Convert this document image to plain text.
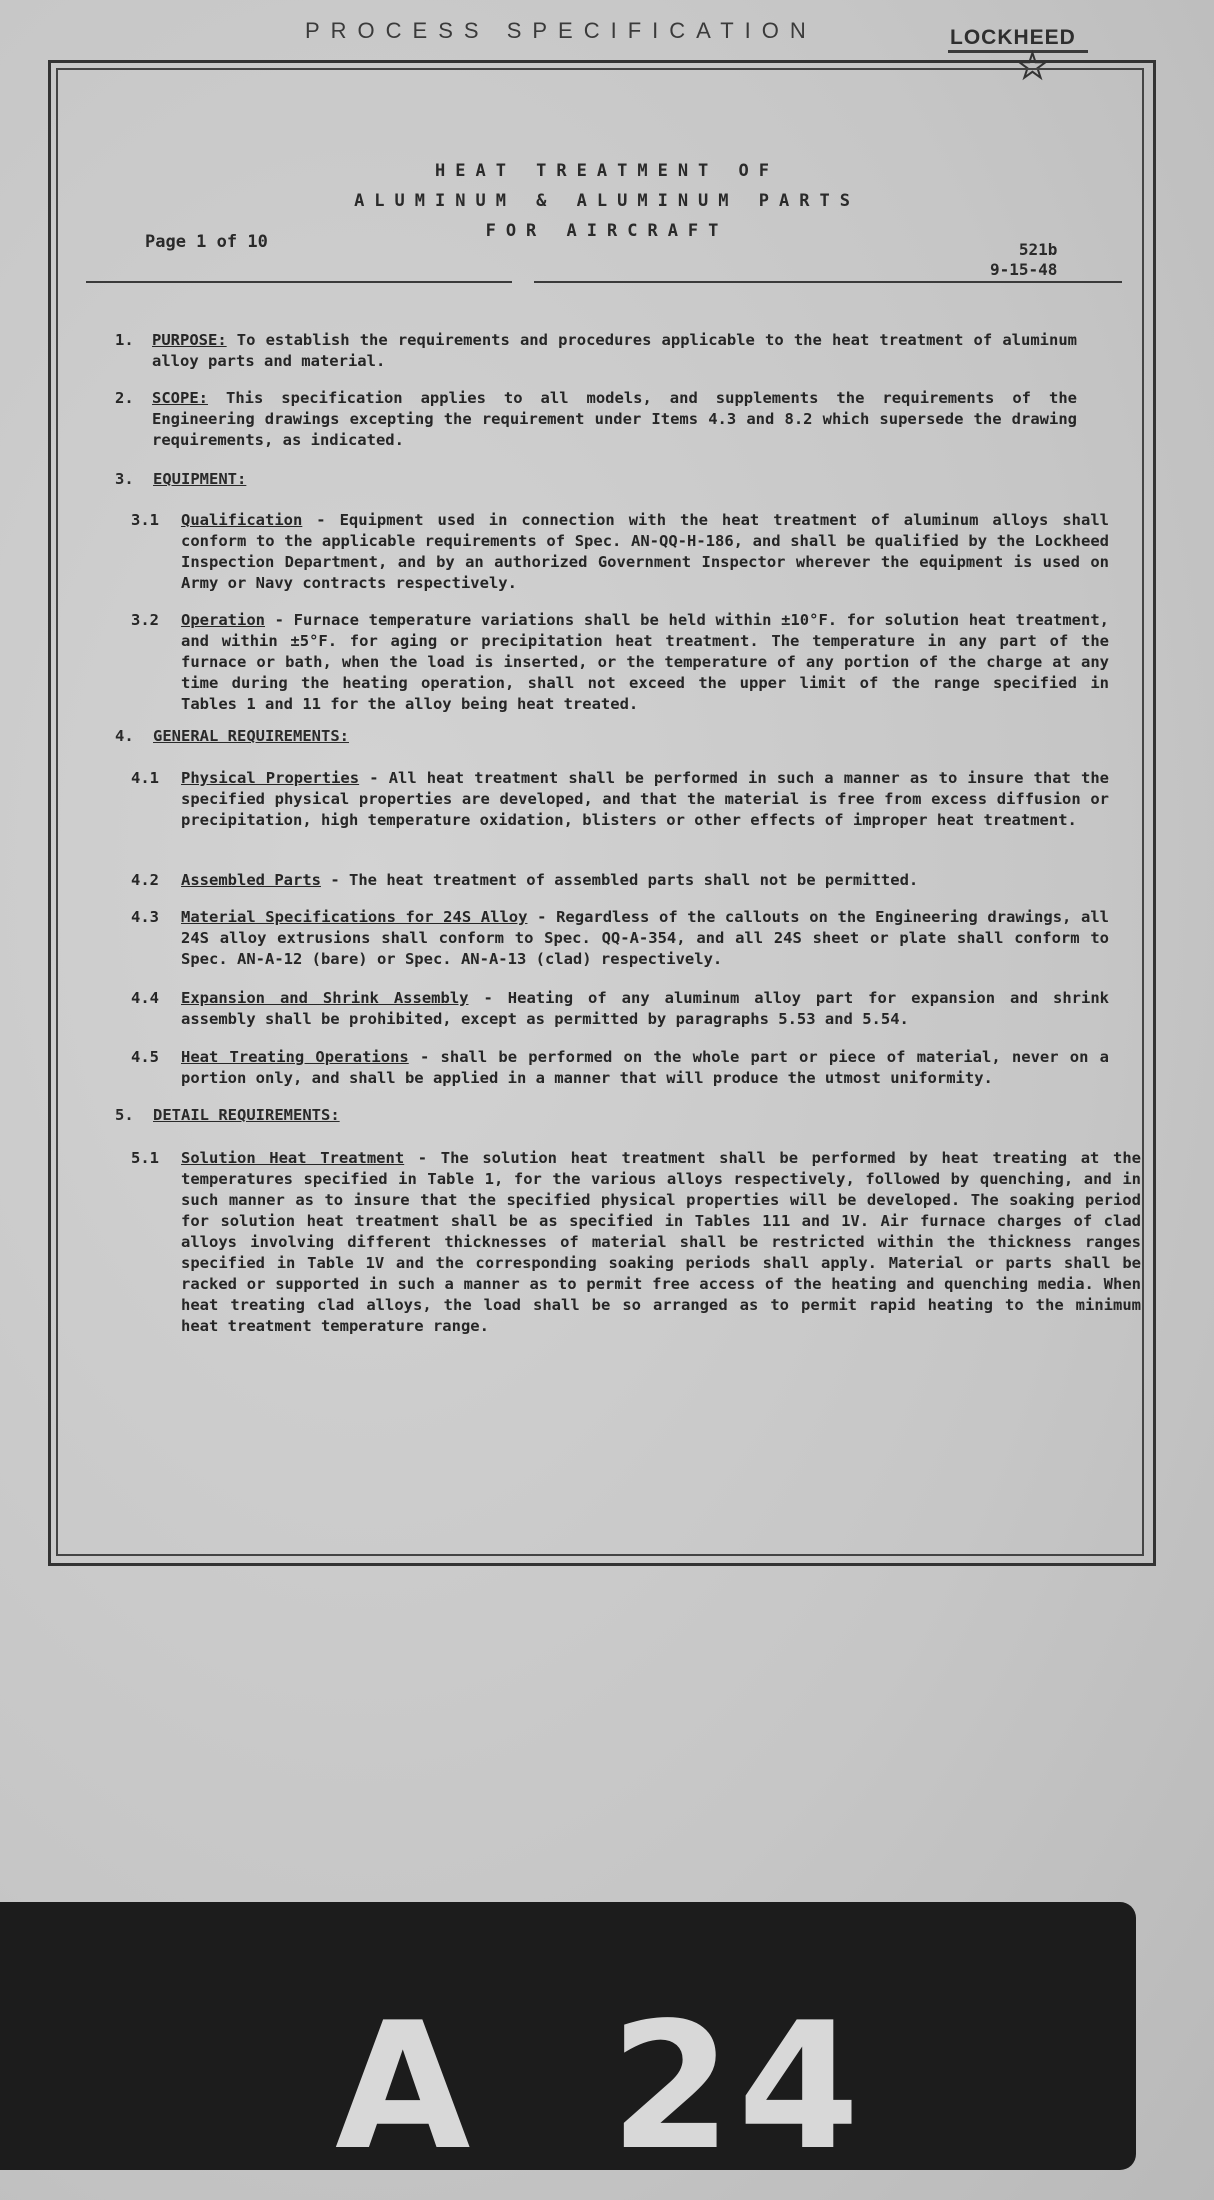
PROCESS SPECIFICATION	LOCKHEED
★
HEAT TREATMENT OF
ALUMINUM & ALUMINUM PARTS
FOR AIRCRAFT
Page 1 of 10	521b
9-15-48
1. PURPOSE: To establish the requirements and procedures applicable to the heat treatment of aluminum alloy parts and material.
2. SCOPE: This specification applies to all models, and supplements the requirements of the Engineering drawings excepting the requirement under Items 4.3 and 8.2 which supersede the drawing requirements, as indicated.
3. EQUIPMENT:
3.1 Qualification - Equipment used in connection with the heat treatment of aluminum alloys shall conform to the applicable requirements of Spec. AN-QQ-H-186, and shall be qualified by the Lockheed Inspection Department, and by an authorized Government Inspector wherever the equipment is used on Army or Navy contracts respectively.
3.2 Operation - Furnace temperature variations shall be held within ±10°F. for solution heat treatment, and within ±5°F. for aging or precipitation heat treatment. The temperature in any part of the furnace or bath, when the load is inserted, or the temperature of any portion of the charge at any time during the heating operation, shall not exceed the upper limit of the range specified in Tables 1 and 11 for the alloy being heat treated.
4. GENERAL REQUIREMENTS:
4.1 Physical Properties - All heat treatment shall be performed in such a manner as to insure that the specified physical properties are developed, and that the material is free from excess diffusion or precipitation, high temperature oxidation, blisters or other effects of improper heat treatment.
4.2 Assembled Parts - The heat treatment of assembled parts shall not be permitted.
4.3 Material Specifications for 24S Alloy - Regardless of the callouts on the Engineering drawings, all 24S alloy extrusions shall conform to Spec. QQ-A-354, and all 24S sheet or plate shall conform to Spec. AN-A-12 (bare) or Spec. AN-A-13 (clad) respectively.
4.4 Expansion and Shrink Assembly - Heating of any aluminum alloy part for expansion and shrink assembly shall be prohibited, except as permitted by paragraphs 5.53 and 5.54.
4.5 Heat Treating Operations - shall be performed on the whole part or piece of material, never on a portion only, and shall be applied in a manner that will produce the utmost uniformity.
5. DETAIL REQUIREMENTS:
5.1 Solution Heat Treatment - The solution heat treatment shall be performed by heat treating at the temperatures specified in Table 1, for the various alloys respectively, followed by quenching, and in such manner as to insure that the specified physical properties will be developed. The soaking period for solution heat treatment shall be as specified in Tables 111 and 1V. Air furnace charges of clad alloys involving different thicknesses of material shall be restricted within the thickness ranges specified in Table 1V and the corresponding soaking periods shall apply. Material or parts shall be racked or supported in such a manner as to permit free access of the heating and quenching media. When heat treating clad alloys, the load shall be so arranged as to permit rapid heating to the minimum heat treatment temperature range.
A 24
